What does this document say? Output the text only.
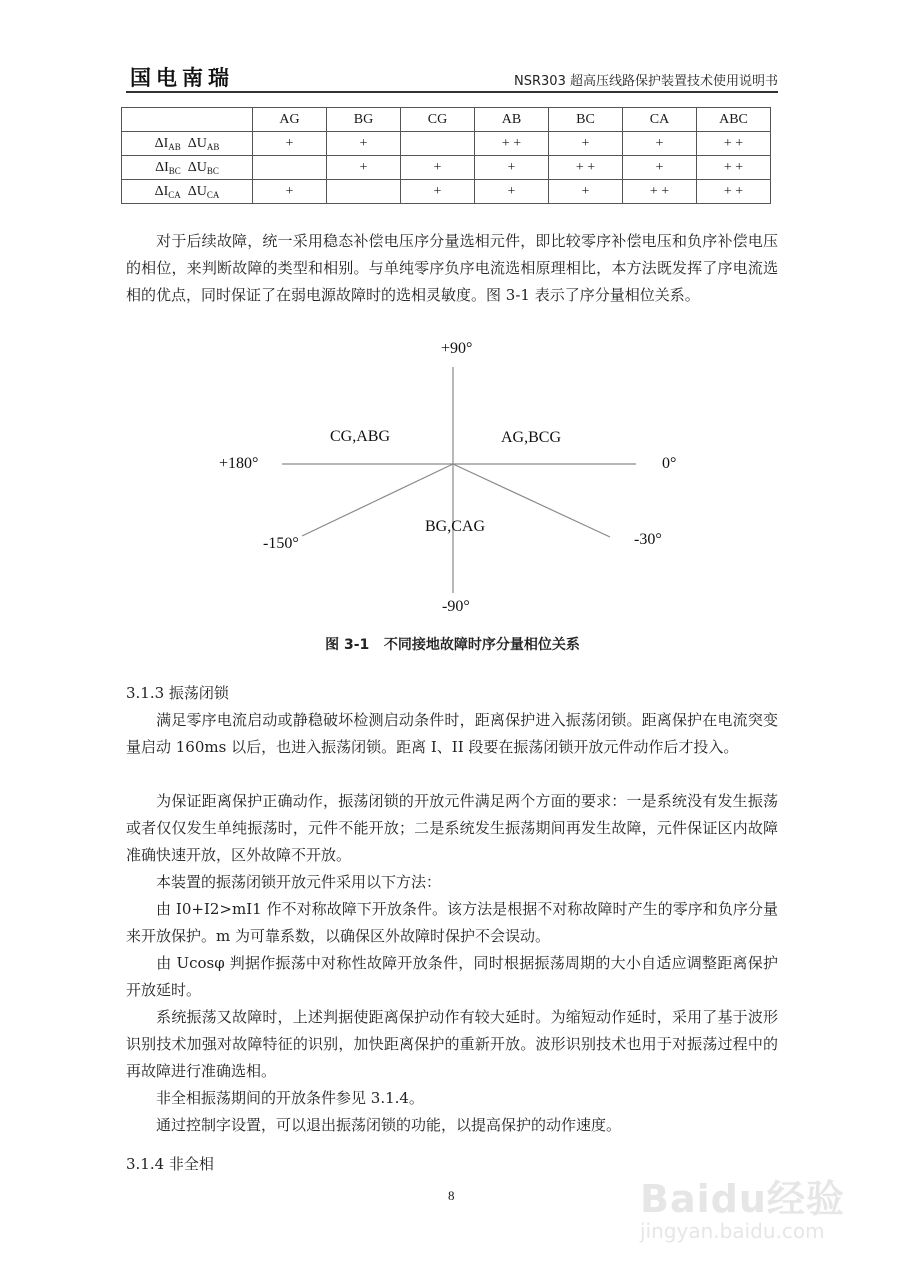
国电南瑞	NSR303 超高压线路保护装置技术使用说明书
	AG	BG	CG	AB	BC	CA	ABC
$\Delta I_{AB}$ $\Delta U_{AB}$	+	+		+ +	+	+	+ +
$\Delta I_{BC}$ $\Delta U_{BC}$		+	+	+	+ +	+	+ +
$\Delta I_{CA}$ $\Delta U_{CA}$	+		+	+	+	+ +	+ +
对于后续故障，统一采用稳态补偿电压序分量选相元件，即比较零序补偿电压和负序补偿电压的相位，来判断故障的类型和相别。与单纯零序负序电流选相原理相比，本方法既发挥了序电流选相的优点，同时保证了在弱电源故障时的选相灵敏度。图 3-1 表示了序分量相位关系。
+90°
-90°
+180°	0°
-150°	-30°
CG,ABG	AG,BCG
BG,CAG
图 3-1 不同接地故障时序分量相位关系
3.1.3 振荡闭锁
满足零序电流启动或静稳破坏检测启动条件时，距离保护进入振荡闭锁。距离保护在电流突变量启动 160ms 以后，也进入振荡闭锁。距离 I、II 段要在振荡闭锁开放元件动作后才投入。
为保证距离保护正确动作，振荡闭锁的开放元件满足两个方面的要求：一是系统没有发生振荡或者仅仅发生单纯振荡时，元件不能开放；二是系统发生振荡期间再发生故障，元件保证区内故障准确快速开放，区外故障不开放。
本装置的振荡闭锁开放元件采用以下方法：
由 I0+I2>mI1 作不对称故障下开放条件。该方法是根据不对称故障时产生的零序和负序分量来开放保护。m 为可靠系数，以确保区外故障时保护不会误动。
由 Ucosφ 判据作振荡中对称性故障开放条件，同时根据振荡周期的大小自适应调整距离保护开放延时。
系统振荡又故障时，上述判据使距离保护动作有较大延时。为缩短动作延时，采用了基于波形识别技术加强对故障特征的识别，加快距离保护的重新开放。波形识别技术也用于对振荡过程中的再故障进行准确选相。
非全相振荡期间的开放条件参见 3.1.4。
通过控制字设置，可以退出振荡闭锁的功能，以提高保护的动作速度。
3.1.4 非全相
8	Baidu经验
jingyan.baidu.com
